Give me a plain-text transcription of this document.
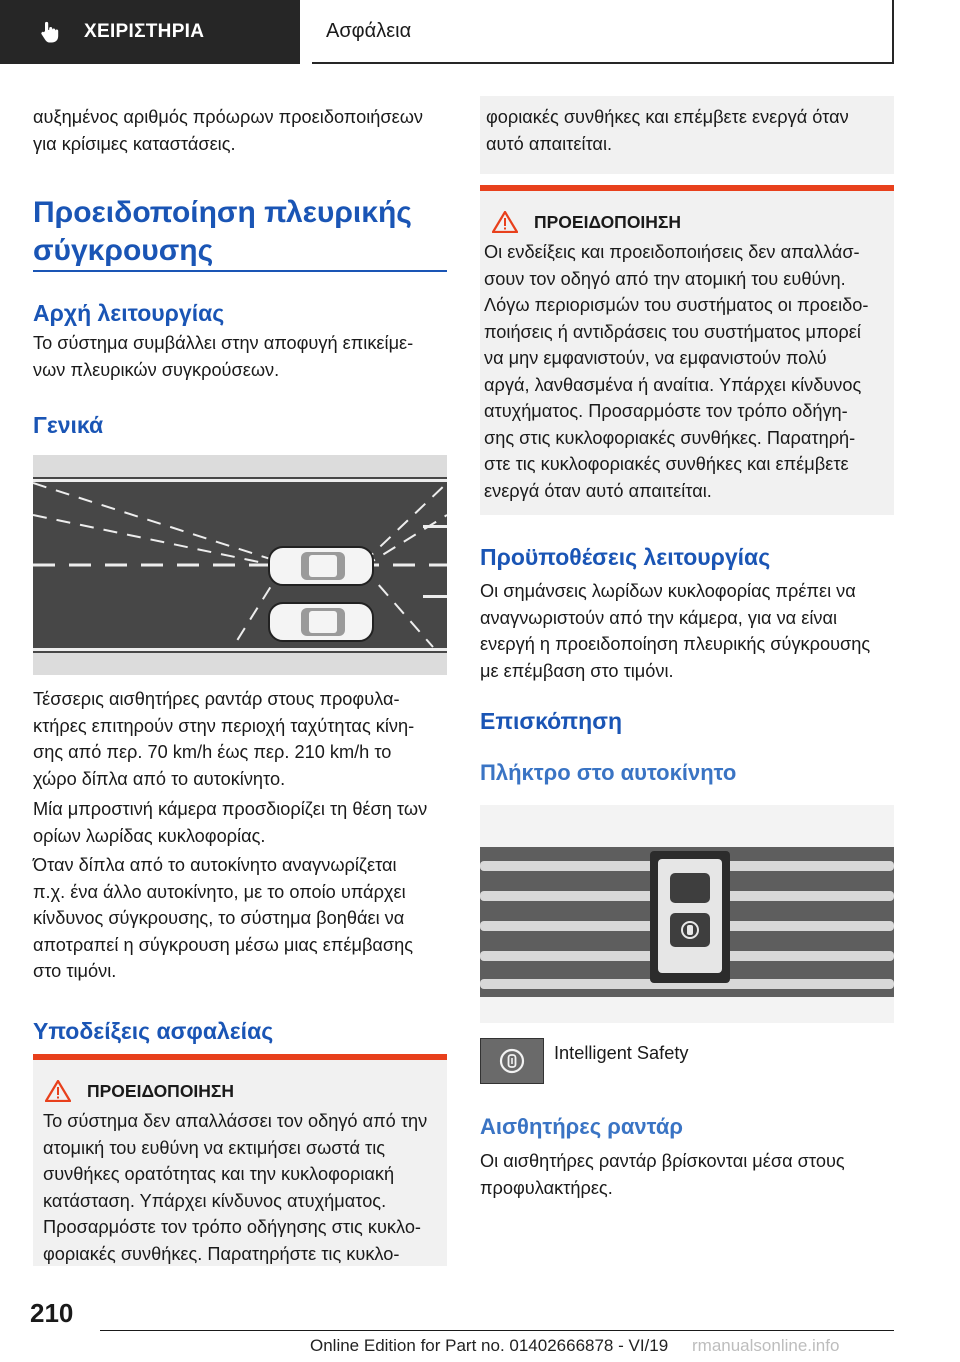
ΧΕΙΡΙΣΤΗΡΙΑ	Ασφάλεια
αυξημένος αριθμός πρόωρων προειδοποιήσεων
για κρίσιμες καταστάσεις.
Προειδοποίηση πλευρικής
σύγκρουσης
Αρχή λειτουργίας
Το σύστημα συμβάλλει στην αποφυγή επικείμε-
νων πλευρικών συγκρούσεων.
Γενικά
Τέσσερις αισθητήρες ραντάρ στους προφυλα-
κτήρες επιτηρούν στην περιοχή ταχύτητας κίνη-
σης από περ. 70 km/h έως περ. 210 km/h το
χώρο δίπλα από το αυτοκίνητο.
Μία μπροστινή κάμερα προσδιορίζει τη θέση των
ορίων λωρίδας κυκλοφορίας.
Όταν δίπλα από το αυτοκίνητο αναγνωρίζεται
π.χ. ένα άλλο αυτοκίνητο, με το οποίο υπάρχει
κίνδυνος σύγκρουσης, το σύστημα βοηθάει να
αποτραπεί η σύγκρουση μέσω μιας επέμβασης
στο τιμόνι.
Υποδείξεις ασφαλείας
ΠΡΟΕΙΔΟΠΟΙΗΣΗ
Το σύστημα δεν απαλλάσσει τον οδηγό από την
ατομική του ευθύνη να εκτιμήσει σωστά τις
συνθήκες ορατότητας και την κυκλοφοριακή
κατάσταση. Υπάρχει κίνδυνος ατυχήματος.
Προσαρμόστε τον τρόπο οδήγησης στις κυκλο-
φοριακές συνθήκες. Παρατηρήστε τις κυκλο-
φοριακές συνθήκες και επέμβετε ενεργά όταν
αυτό απαιτείται.
ΠΡΟΕΙΔΟΠΟΙΗΣΗ
Οι ενδείξεις και προειδοποιήσεις δεν απαλλάσ-
σουν τον οδηγό από την ατομική του ευθύνη.
Λόγω περιορισμών του συστήματος οι προειδο-
ποιήσεις ή αντιδράσεις του συστήματος μπορεί
να μην εμφανιστούν, να εμφανιστούν πολύ
αργά, λανθασμένα ή αναίτια. Υπάρχει κίνδυνος
ατυχήματος. Προσαρμόστε τον τρόπο οδήγη-
σης στις κυκλοφοριακές συνθήκες. Παρατηρή-
στε τις κυκλοφοριακές συνθήκες και επέμβετε
ενεργά όταν αυτό απαιτείται.
Προϋποθέσεις λειτουργίας
Οι σημάνσεις λωρίδων κυκλοφορίας πρέπει να
αναγνωριστούν από την κάμερα, για να είναι
ενεργή η προειδοποίηση πλευρικής σύγκρουσης
με επέμβαση στο τιμόνι.
Επισκόπηση
Πλήκτρο στο αυτοκίνητο
Intelligent Safety
Αισθητήρες ραντάρ
Οι αισθητήρες ραντάρ βρίσκονται μέσα στους
προφυλακτήρες.
210
Online Edition for Part no. 01402666878 - VI/19 rmanualsonline.info
